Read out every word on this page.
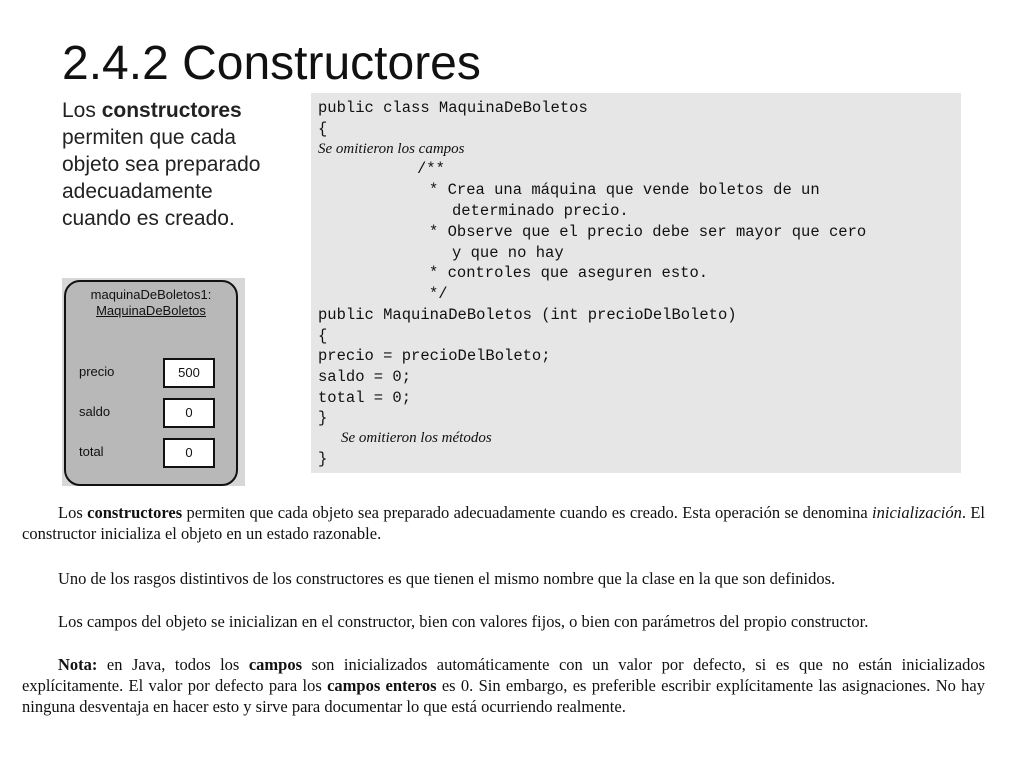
2.4.2 Constructores

Los constructores permiten que cada objeto sea preparado adecuadamente cuando es creado.

maquinaDeBoletos1:
MaquinaDeBoletos
precio	500
saldo	0
total	0
public class MaquinaDeBoletos
{
Se omitieron los campos
/**
* Crea una máquina que vende boletos de un
determinado precio.
* Observe que el precio debe ser mayor que cero
y que no hay
* controles que aseguren esto.
*/
public MaquinaDeBoletos (int precioDelBoleto)
{
precio = precioDelBoleto;
saldo = 0;
total = 0;
}
Se omitieron los métodos
}

Los constructores permiten que cada objeto sea preparado adecuadamente cuando es creado. Esta operación se denomina inicialización. El constructor inicializa el objeto en un estado razonable.

Uno de los rasgos distintivos de los constructores es que tienen el mismo nombre que la clase en la que son definidos.

Los campos del objeto se inicializan en el constructor, bien con valores fijos, o bien con parámetros del propio constructor.

Nota: en Java, todos los campos son inicializados automáticamente con un valor por defecto, si es que no están inicializados explícitamente. El valor por defecto para los campos enteros es 0. Sin embargo, es preferible escribir explícitamente las asignaciones. No hay ninguna desventaja en hacer esto y sirve para documentar lo que está ocurriendo realmente.
